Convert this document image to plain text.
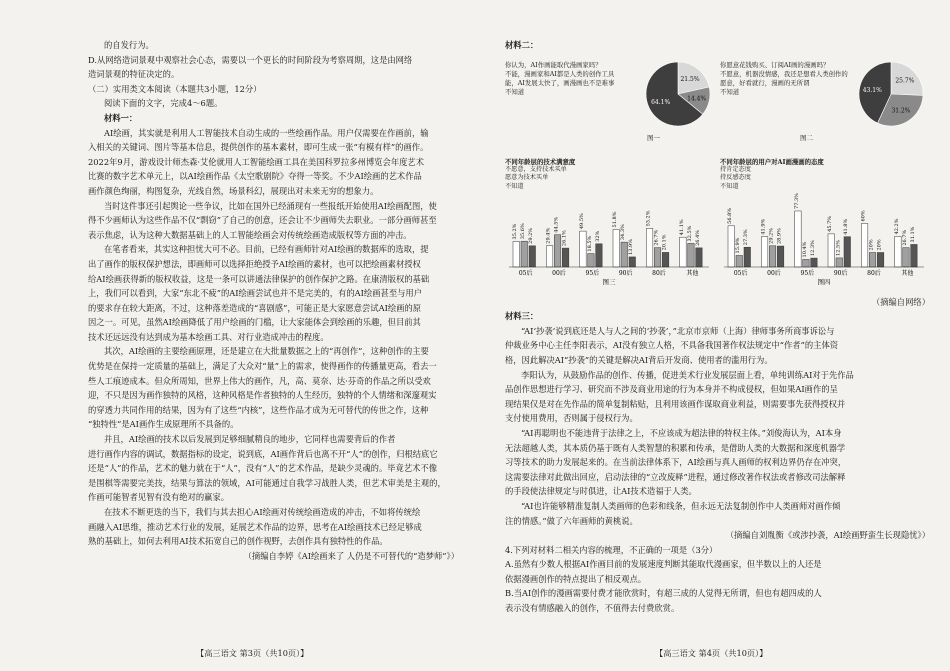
的自发行为。
D.从网络造词景观中观察社会心态，需要以一个更长的时间阶段为考察周期，这是由网络
造词景观的特征决定的。
（二）实用类文本阅读（本题共3小题，12分）
阅读下面的文字，完成4～6题。
材料一：
AI绘画，其实就是利用人工智能技术自动生成的一些绘画作品。用户仅需要在作画前，输
入相关的关键词、图片等基本信息，提供创作的基本素材，即可生成一张“有模有样”的画作。
2022年9月，游戏设计师杰森·艾伦就用人工智能绘画工具在美国科罗拉多州博览会年度艺术
比赛的数字艺术单元上，以AI绘画作品《太空歌剧院》夺得一等奖。不少AI绘画的艺术作品
画作颜色绚丽，构图复杂，光线自然，场景科幻，展现出对未来无穷的想象力。
当时这件事还引起舆论一些争议，比如在国外已经涌现有一些报纸开始使用AI绘画配图，使
得不少画师认为这些作品不仅“剽窃”了自己的创意，还会让不少画师失去职业。一部分画师甚至
表示焦虑，认为这种大数据基础上的人工智能绘画会对传统绘画造成版权等方面的冲击。
在笔者看来，其实这种担忧大可不必。目前，已经有画师针对AI绘画的数据库的选取，提
出了画作的版权保护想法，即画师可以选择拒绝授予AI绘画的素材，也可以把绘画素材授权
给AI绘画获得新的版权收益，这是一条可以讲通法律保护的创作保护之路。在康清版权的基础
上，我们可以看到，大家“东北不疲”的AI绘画尝试也并不是完美的，有的AI绘画甚至与用户
的要求存在较大距离，不过，这种落差造成的“喜剧感”，可能正是大家愿意尝试AI绘画的原
因之一。可见，虽然AI绘画降低了用户绘画的门槛，让大家能体会到绘画的乐趣，但目前其
技术还远远没有达到成为基本绘画工具、对行业造成冲击的程度。
其次，AI绘画的主要绘画原理，还是建立在大批量数据之上的“再创作”，这种创作的主要
优势是在保持一定质量的基础上，满足了大众对“量”上的需求，使得画作的传播量更高，看去一
些人工痕迹成本。但众所周知，世界上伟大的画作，凡，高、莫奈、达·芬奇的作品之所以受欢
迎，不只是因为画作独特的风格，这种风格是作者独特的人生经历，独特的个人情绪和深邃观实
的穿透力共同作用的结果，因为有了这些“内核”，这些作品才成为无可替代的传世之作，这种
“独特性”是AI画作生成原理所不具备的。
并且，AI绘画的技术以后发展到足够细腻精良的地步，它同样也需要背后的作者
进行画作内容的调试，数据指标的设定，说到底，AI画作背后也离不开“人”的创作，归根结底它
还是“人”的作品，艺术的魅力就在于“人”，没有“人”的艺术作品，是缺少灵魂的。毕竟艺术不像
是围棋等需要完美技，结果与算法的领域，AI可能通过自我学习战胜人类，但艺术审美是主观的，
作画可能智者见智有没有绝对的赢家。
在技术不断更迭的当下，我们与其去担心AI绘画对传统绘画造成的冲击，不如将传统绘
画融入AI思维，推动艺术行业的发展，延展艺术作品的边界，思考在AI绘画技术已经足够成
熟的基础上，如何去利用AI技术拓宽自己的创作视野，去创作具有独特性的作品。
（摘编自李婷《AI绘画来了 人仍是不可替代的“造梦师”》）
【高三语文 第3页（共10页）】
材料二：
你认为，AI作画能取代漫画家吗？
不能，漫画家和AI都是人类的创作工具
能，AI发展太快了，画漫画也不是难事
不知道
21.5%
14.4%
64.1%
图一
你愿意花钱购买、订阅AI画的漫画吗？
不愿意，机器没情感，我还是想看人类创作的
愿意，好看就行，漫画的无所谓
不知道
25.7%
31.2%
43.1%
图二
不同年龄层的技术满意度
不愿意，支持技术买单
愿意为技术买单
不知道
35.2% 35.6% 29.2%
05后
29.4%
44.5%
26.1%
00后
49.5%
18.5% 32%
95后
51.8%
34.3%
13.9%
90后
53.2%
26.7% 20.1%
80后
41.1% 32.5% 26.4%
其他
图三
不同年龄层的用户对AI画漫画的态度
持肯定态度
持反感态度
不知道
56.8%
15.9%
27.3%
05后
41.9%
29.2% 28.9%
00后
77.3%
10.4% 12.3%
95后
45.7%
12.5%
41.8%
90后
60%
20% 20%
80后
42.2%
26.7% 31.1%
其他
图四
（摘编自网络）
材料三：
“AI‘抄袭’说到底还是人与人之间的‘抄袭’，”北京市京师（上海）律师事务所商事诉讼与
仲裁业务中心主任李阳表示，AI没有独立人格，不具备我国著作权法规定中“作者”的主体资
格，因此解决AI“抄袭”的关键是解决AI背后开发商、使用者的滥用行为。
李阳认为，从鼓励作品的创作、传播，促进美术行业发展层面上看，单纯训练AI对于先作品
品创作思想进行学习、研究而不涉及商业用途的行为本身并不构成侵权，但如果AI画作的呈
现结果仅是对在先作品的简单复制粘贴，且利用该画作谋取商业利益，则需要事先获得授权并
支付使用费用，否则属于侵权行为。
“AI再聪明也不能违背于法律之上，不应该成为超法律的特权主体。”刘俊海认为，AI本身
无法超越人类，其本质仍基于既有人类智慧的积累和传承，是借助人类的大数据和深度机器学
习等技术的助力发展起来的。在当前法律体系下，AI绘画与真人画师的权利边界仍存在冲突，
这需要法律对此做出回应，启动法律的“立改废释”进程，通过修改著作权法或者修改司法解释
的手段使法律规定与时俱进，让AI技术造福于人类。
“AI也许能够精准复制人类画师的色彩和线条，但永远无法复制创作中人类画师对画作倾
注的情感。”做了六年画师的黄桃说。
（摘编自刘胤衡《或涉抄袭，AI绘画野蛮生长现隐忧》）
4.下列对材料二相关内容的梳理，不正确的一项是（3分）
A.虽然有少数人根据AI作画目前的发展速度判断其能取代漫画家，但半数以上的人还是
依据漫画创作的特点提出了相反观点。
B.当AI创作的漫画需要付费才能欣赏时，有超三成的人觉得无所谓，但也有超四成的人
表示没有情感融入的创作，不值得去付费欣赏。
【高三语文 第4页（共10页）】
